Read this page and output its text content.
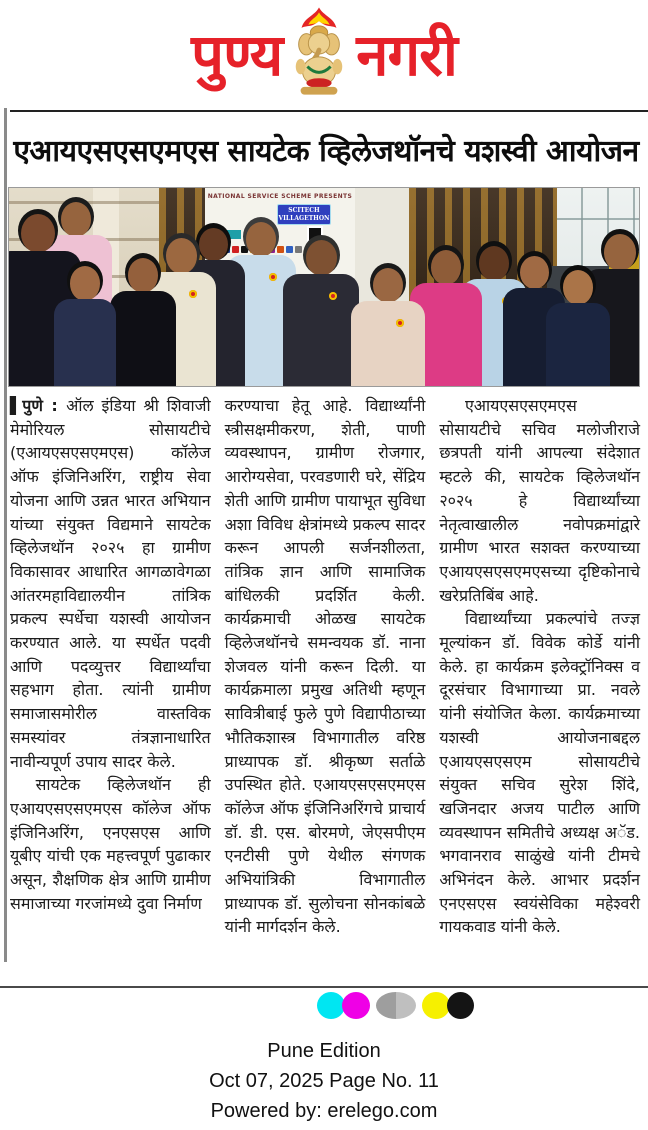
पुण्य नगरी
एआयएसएसएमएस सायटेक व्हिलेजथॉनचे यशस्वी आयोजन
NATIONAL SERVICE SCHEME PRESENTS
SCITECH
VILLAGETHON

▌पुणे : ऑल इंडिया श्री शिवाजी मेमोरियल सोसायटीचे (एआयएसएसएमएस) कॉलेज ऑफ इंजिनिअरिंग, राष्ट्रीय सेवा योजना आणि उन्नत भारत अभियान यांच्या संयुक्त विद्यमाने सायटेक व्हिलेजथॉन २०२५ हा ग्रामीण विकासावर आधारित आगळावेगळा आंतरमहाविद्यालयीन तांत्रिक प्रकल्प स्पर्धेचा यशस्वी आयोजन करण्यात आले. या स्पर्धेत पदवी आणि पदव्युत्तर विद्यार्थ्यांचा सहभाग होता. त्यांनी ग्रामीण समाजासमोरील वास्तविक समस्यांवर तंत्रज्ञानाधारित नावीन्यपूर्ण उपाय सादर केले.

सायटेक व्हिलेजथॉन ही एआयएसएसएमएस कॉलेज ऑफ इंजिनिअरिंग, एनएसएस आणि यूबीए यांची एक महत्त्वपूर्ण पुढाकार असून, शैक्षणिक क्षेत्र आणि ग्रामीण समाजाच्या गरजांमध्ये दुवा निर्माण

करण्याचा हेतू आहे. विद्यार्थ्यांनी स्त्रीसक्षमीकरण, शेती, पाणी व्यवस्थापन, ग्रामीण रोजगार, आरोग्यसेवा, परवडणारी घरे, सेंद्रिय शेती आणि ग्रामीण पायाभूत सुविधा अशा विविध क्षेत्रांमध्ये प्रकल्प सादर करून आपली सर्जनशीलता, तांत्रिक ज्ञान आणि सामाजिक बांधिलकी प्रदर्शित केली. कार्यक्रमाची ओळख सायटेक व्हिलेजथॉनचे समन्वयक डॉ. नाना शेजवल यांनी करून दिली. या कार्यक्रमाला प्रमुख अतिथी म्हणून सावित्रीबाई फुले पुणे विद्यापीठाच्या भौतिकशास्त्र विभागातील वरिष्ठ प्राध्यापक डॉ. श्रीकृष्ण सर्ताळे उपस्थित होते. एआयएसएसएमएस कॉलेज ऑफ इंजिनिअरिंगचे प्राचार्य डॉ. डी. एस. बोरमणे, जेएसपीएम एनटीसी पुणे येथील संगणक अभियांत्रिकी विभागातील प्राध्यापक डॉ. सुलोचना सोनकांबळे यांनी मार्गदर्शन केले.

एआयएसएसएमएस सोसायटीचे सचिव मलोजीराजे छत्रपती यांनी आपल्या संदेशात म्हटले की, सायटेक व्हिलेजथॉन २०२५ हे विद्यार्थ्यांच्या नेतृत्वाखालील नवोपक्रमांद्वारे ग्रामीण भारत सशक्त करण्याच्या एआयएसएसएमएसच्या दृष्टिकोनाचे खरेप्रतिबिंब आहे.

विद्यार्थ्यांच्या प्रकल्पांचे तज्ज्ञ मूल्यांकन डॉ. विवेक कोर्डे यांनी केले. हा कार्यक्रम इलेक्ट्रॉनिक्स व दूरसंचार विभागाच्या प्रा. नवले यांनी संयोजित केला. कार्यक्रमाच्या यशस्वी आयोजनाबद्दल एआयएसएसएम सोसायटीचे संयुक्त सचिव सुरेश शिंदे, खजिनदार अजय पाटील आणि व्यवस्थापन समितीचे अध्यक्ष अॅड. भगवानराव साळुंखे यांनी टीमचे अभिनंदन केले. आभार प्रदर्शन एनएसएस स्वयंसेविका महेश्वरी गायकवाड यांनी केले.

Pune Edition
Oct 07, 2025 Page No. 11
Powered by: erelego.com
